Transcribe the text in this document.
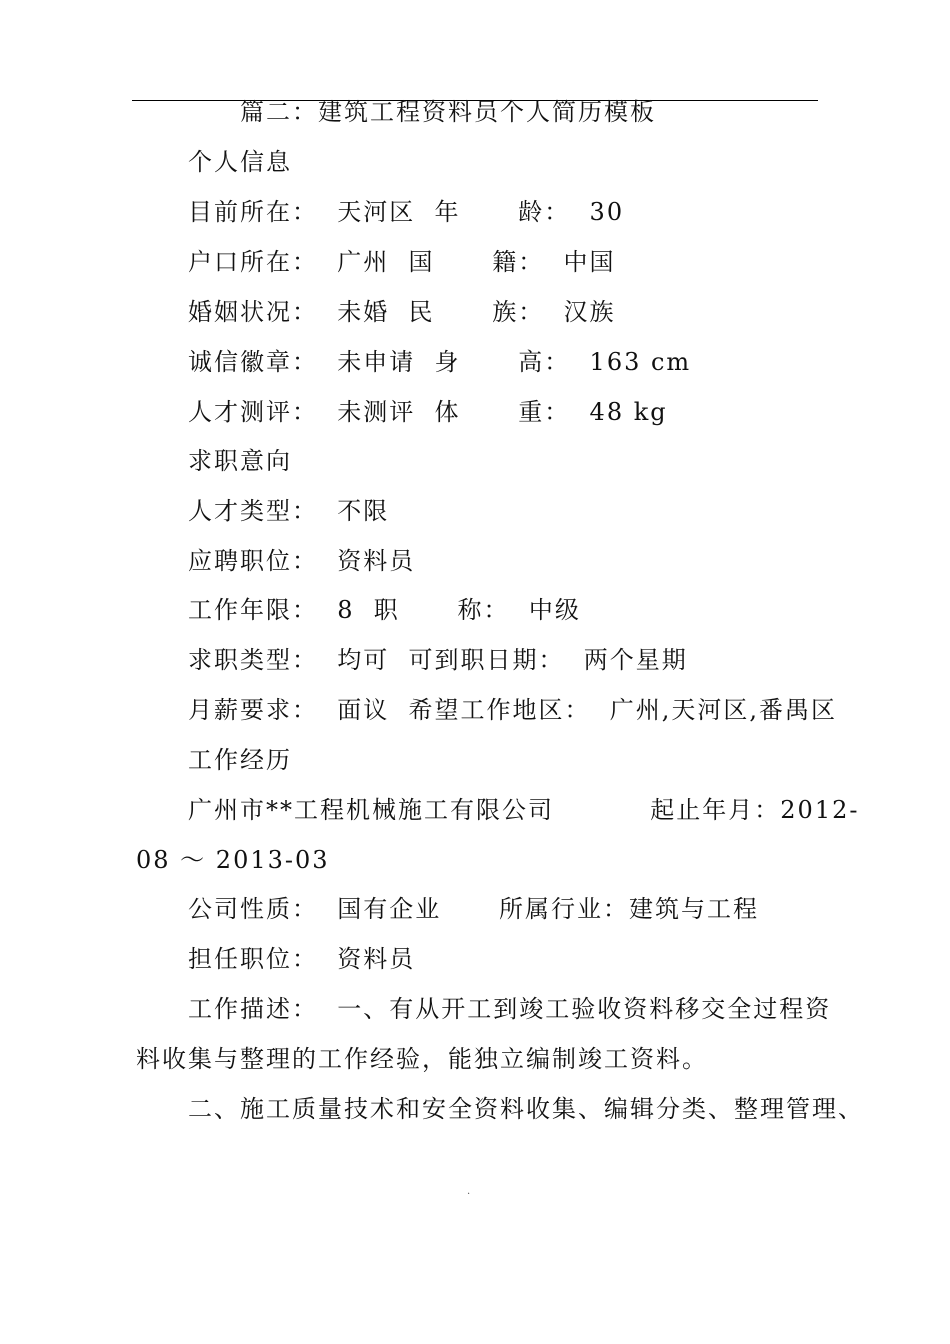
篇二：建筑工程资料员个人简历模板
个人信息
目前所在：  天河区  年      龄：  30
户口所在：  广州  国      籍：  中国
婚姻状况：  未婚  民      族：  汉族
诚信徽章：  未申请  身      高：  163 cm
人才测评：  未测评  体      重：  48 kg
求职意向
人才类型：  不限
应聘职位：  资料员
工作年限：  8  职      称：  中级
求职类型：  均可  可到职日期：  两个星期
月薪要求：  面议  希望工作地区：  广州,天河区,番禺区
工作经历
广州市**工程机械施工有限公司          起止年月：2012-
08 ～ 2013-03
公司性质：  国有企业      所属行业：建筑与工程
担任职位：  资料员
工作描述：  一、有从开工到竣工验收资料移交全过程资
料收集与整理的工作经验，能独立编制竣工资料。
二、施工质量技术和安全资料收集、编辑分类、整理管理、
.
